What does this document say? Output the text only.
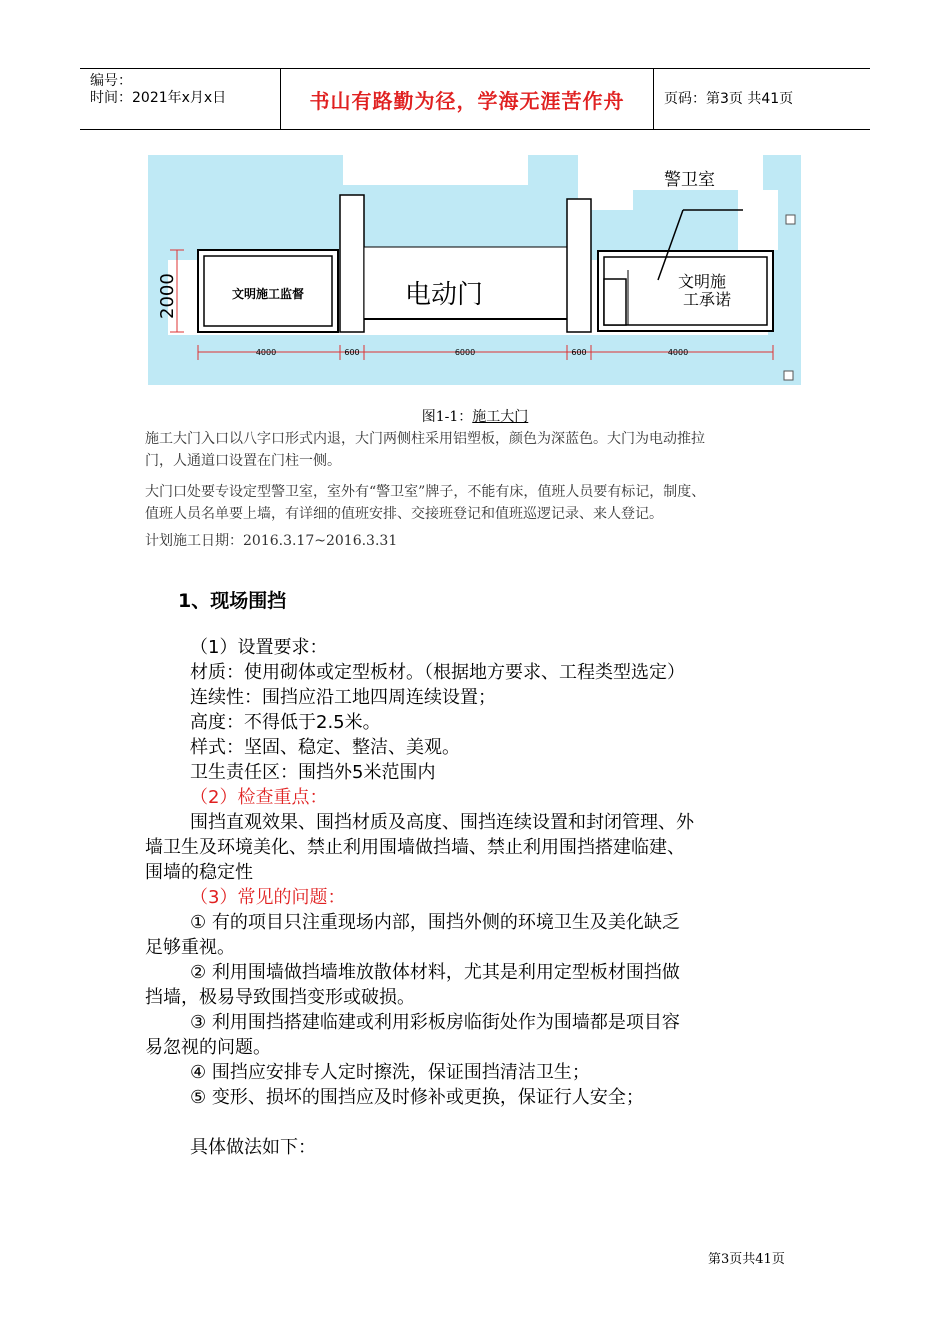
编号：
时间：2021年x月x日	书山有路勤为径，学海无涯苦作舟	页码：第3页 共41页
2000
4000	600	6000	600	4000
警卫室
文明施工监督	电动门	文明施
工承诺
图1-1：施工大门
施工大门入口以八字口形式内退，大门两侧柱采用铝塑板，颜色为深蓝色。大门为电动推拉
门，人通道口设置在门柱一侧。
大门口处要专设定型警卫室，室外有“警卫室”牌子，不能有床，值班人员要有标记，制度、
值班人员名单要上墙，有详细的值班安排、交接班登记和值班巡逻记录、来人登记。
计划施工日期：2016.3.17~2016.3.31
1、现场围挡
（1）设置要求：
材质：使用砌体或定型板材。（根据地方要求、工程类型选定）
连续性：围挡应沿工地四周连续设置；
高度：不得低于2.5米。
样式：坚固、稳定、整洁、美观。
卫生责任区：围挡外5米范围内
（2）检查重点：
围挡直观效果、围挡材质及高度、围挡连续设置和封闭管理、外
墙卫生及环境美化、禁止利用围墙做挡墙、禁止利用围挡搭建临建、
围墙的稳定性
（3）常见的问题：
① 有的项目只注重现场内部，围挡外侧的环境卫生及美化缺乏
足够重视。
② 利用围墙做挡墙堆放散体材料，尤其是利用定型板材围挡做
挡墙，极易导致围挡变形或破损。
③ 利用围挡搭建临建或利用彩板房临街处作为围墙都是项目容
易忽视的问题。
④ 围挡应安排专人定时擦洗，保证围挡清洁卫生；
⑤ 变形、损坏的围挡应及时修补或更换，保证行人安全；
具体做法如下：
第3页共41页
